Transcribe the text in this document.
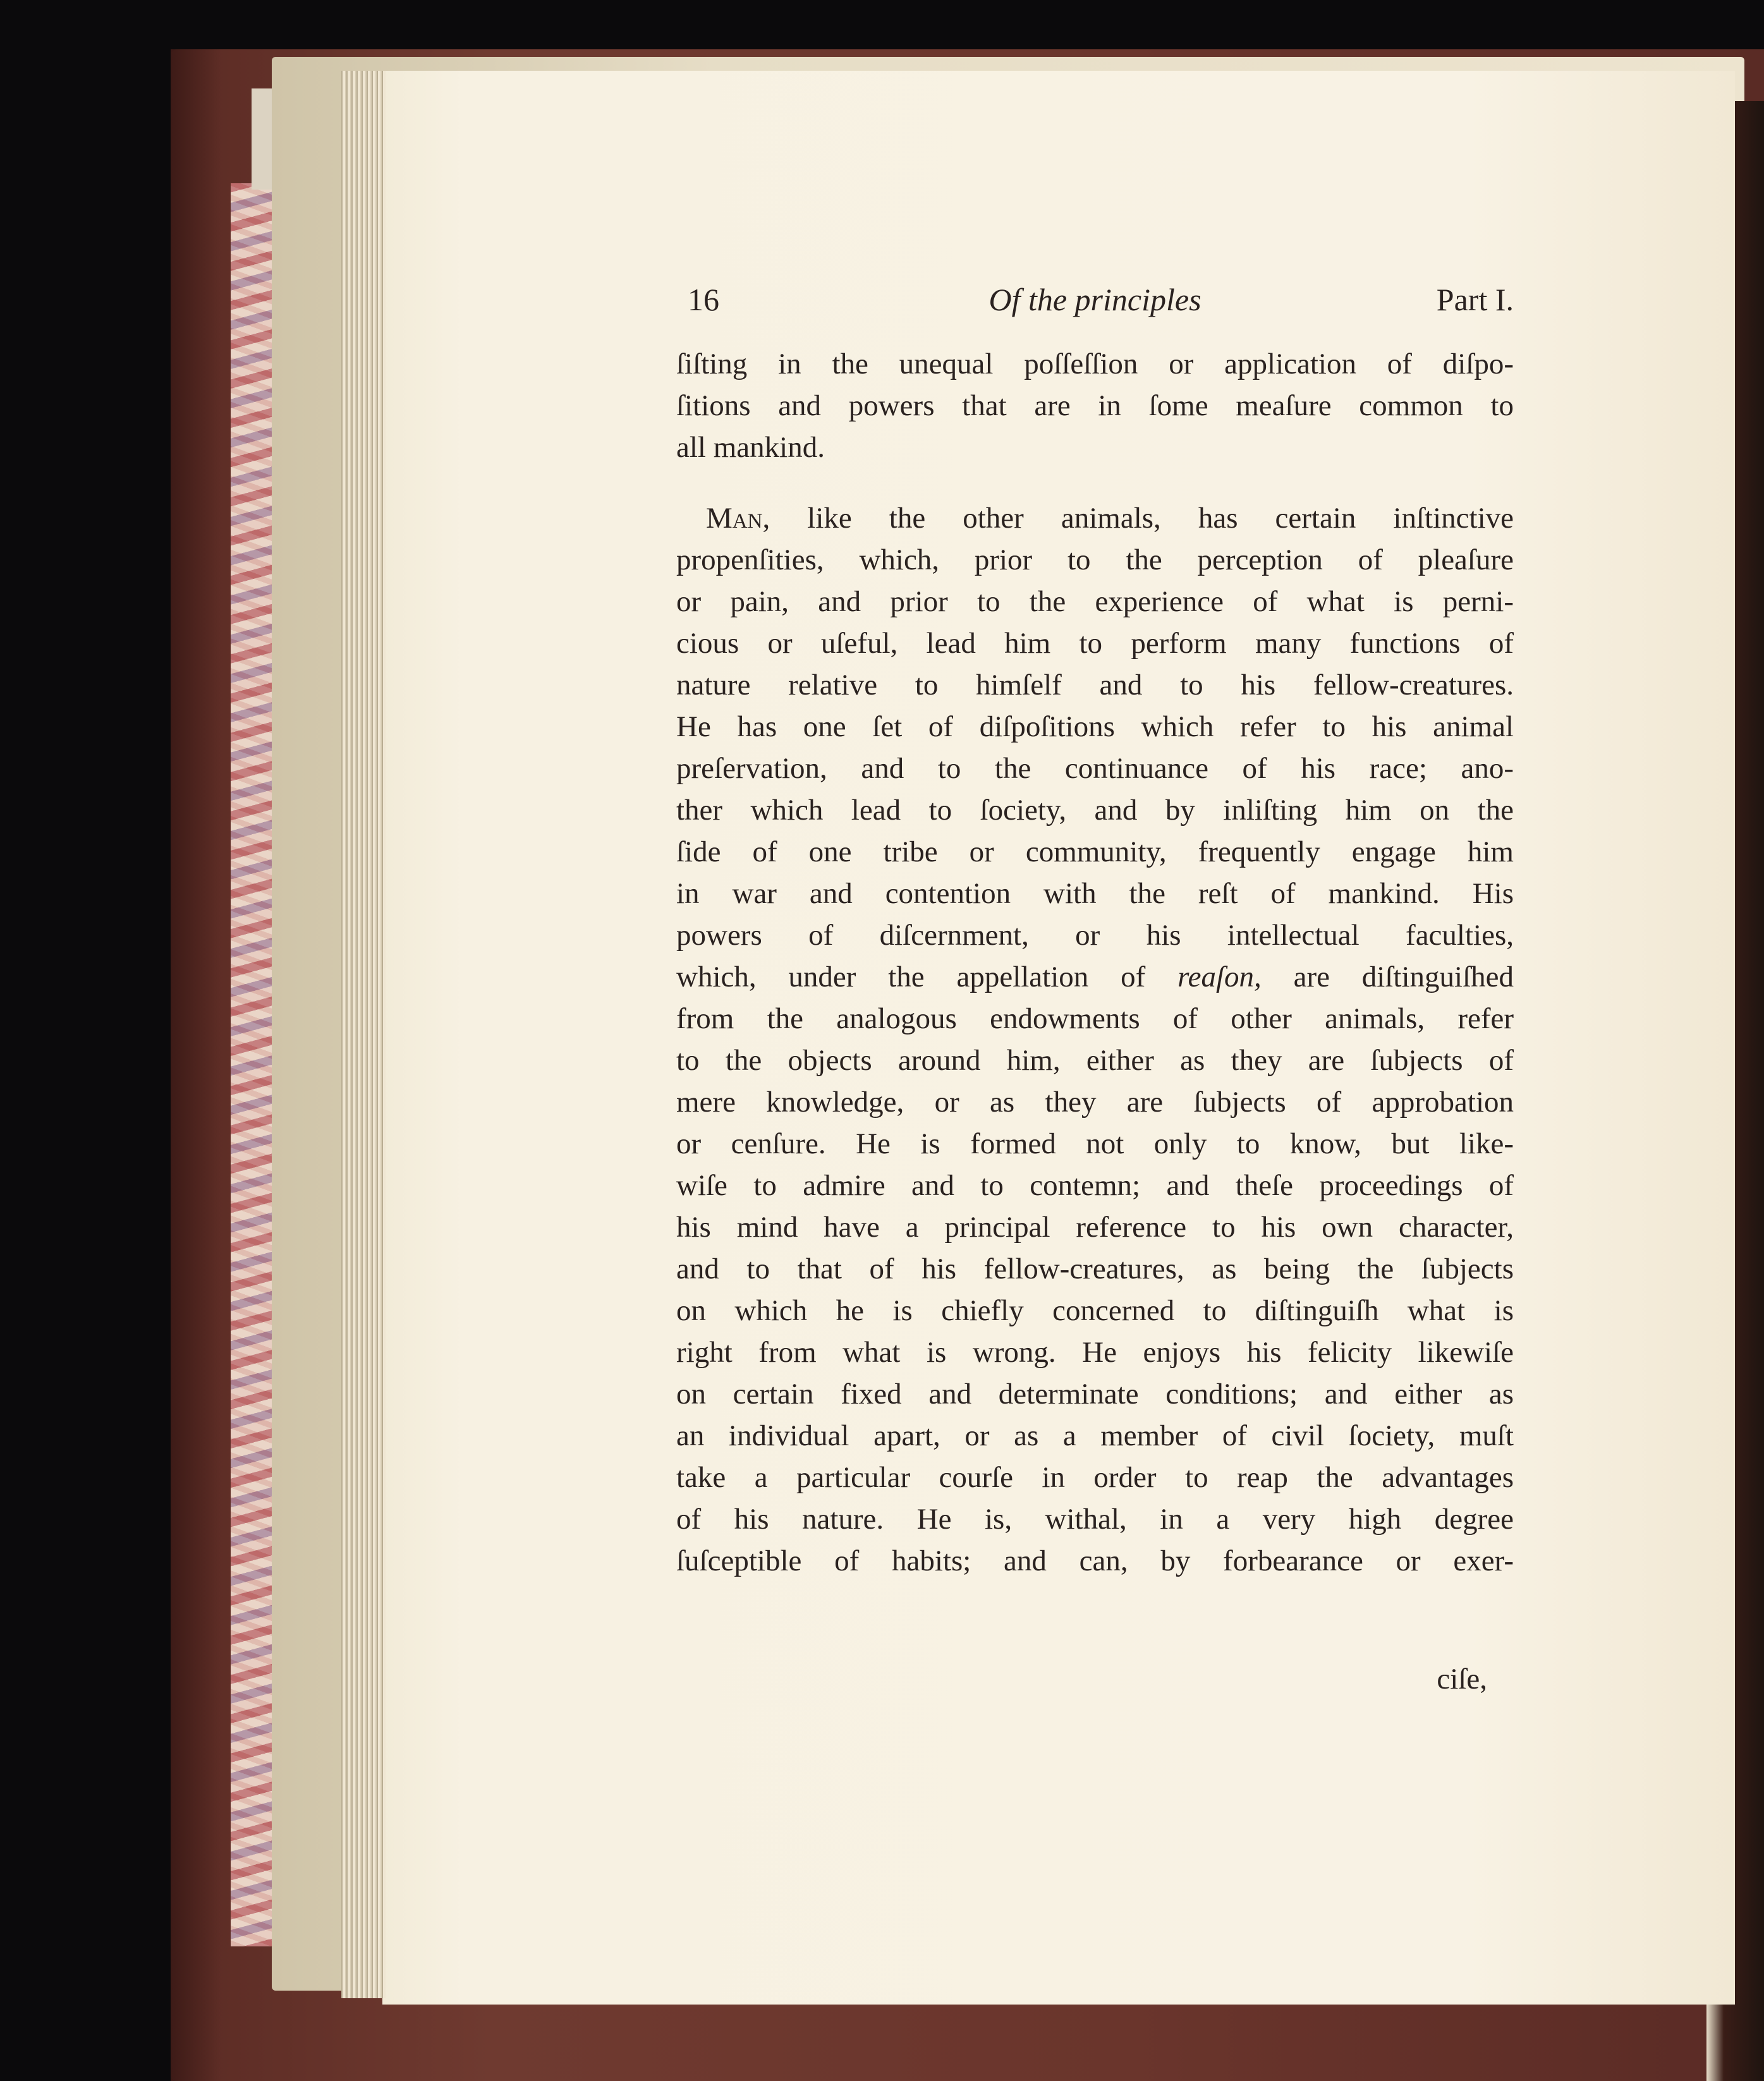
16	Of the principles	Part I.
ſiſting in the unequal poſſeſſion or application of diſpo-
ſitions and powers that are in ſome meaſure common to
all mankind.
 Man, like the other animals, has certain inſtinctive
propenſities, which, prior to the perception of pleaſure
or pain, and prior to the experience of what is perni-
cious or uſeful, lead him to perform many functions of
nature relative to himſelf and to his fellow-creatures.
He has one ſet of diſpoſitions which refer to his animal
preſervation, and to the continuance of his race; ano-
ther which lead to ſociety, and by inliſting him on the
ſide of one tribe or community, frequently engage him
in war and contention with the reſt of mankind. His
powers of diſcernment, or his intellectual faculties,
which, under the appellation of reaſon, are diſtinguiſhed
from the analogous endowments of other animals, refer
to the objects around him, either as they are ſubjects of
mere knowledge, or as they are ſubjects of approbation
or cenſure. He is formed not only to know, but like-
wiſe to admire and to contemn; and theſe proceedings of
his mind have a principal reference to his own character,
and to that of his fellow-creatures, as being the ſubjects
on which he is chiefly concerned to diſtinguiſh what is
right from what is wrong. He enjoys his felicity likewiſe
on certain fixed and determinate conditions; and either as
an individual apart, or as a member of civil ſociety, muſt
take a particular courſe in order to reap the advantages
of his nature. He is, withal, in a very high degree
ſuſceptible of habits; and can, by forbearance or exer-
ciſe,
